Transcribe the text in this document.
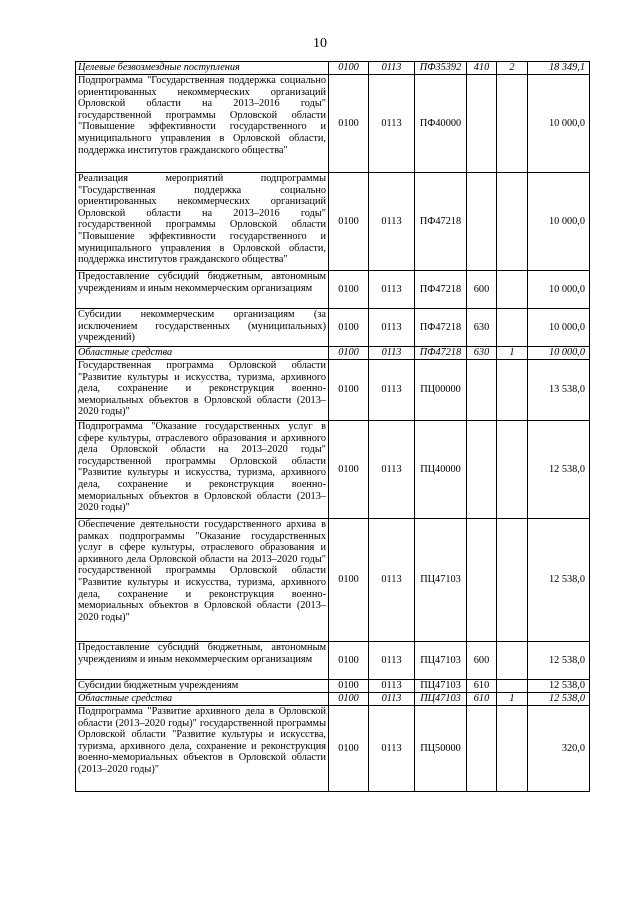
10
Целевые безвозмездные поступления	0100	0113	ПФ35392	410	2	18 349,1
Подпрограмма "Государственная поддержка социально ориентированных некоммерческих организаций Орловской области на 2013–2016 годы" государственной программы Орловской области "Повышение эффективности государственного и муниципального управления в Орловской области, поддержка институтов гражданского общества"	0100	0113	ПФ40000			10 000,0
Реализация мероприятий подпрограммы "Государственная поддержка социально ориентированных некоммерческих организаций Орловской области на 2013–2016 годы" государственной программы Орловской области "Повышение эффективности государственного и муниципального управления в Орловской области, поддержка институтов гражданского общества"	0100	0113	ПФ47218			10 000,0
Предоставление субсидий бюджетным, автономным учреждениям и иным некоммерческим организациям	0100	0113	ПФ47218	600		10 000,0
Субсидии некоммерческим организациям (за исключением государственных (муниципальных) учреждений)	0100	0113	ПФ47218	630		10 000,0
Областные средства	0100	0113	ПФ47218	630	1	10 000,0
Государственная программа Орловской области "Развитие культуры и искусства, туризма, архивного дела, сохранение и реконструкция военно-мемориальных объектов в Орловской области (2013–2020 годы)"	0100	0113	ПЦ00000			13 538,0
Подпрограмма "Оказание государственных услуг в сфере культуры, отраслевого образования и архивного дела Орловской области на 2013–2020 годы" государственной программы Орловской области "Развитие культуры и искусства, туризма, архивного дела, сохранение и реконструкция военно-мемориальных объектов в Орловской области (2013–2020 годы)"	0100	0113	ПЦ40000			12 538,0
Обеспечение деятельности государственного архива в рамках подпрограммы "Оказание государственных услуг в сфере культуры, отраслевого образования и архивного дела Орловской области на 2013–2020 годы" государственной программы Орловской области "Развитие культуры и искусства, туризма, архивного дела, сохранение и реконструкция военно-мемориальных объектов в Орловской области (2013–2020 годы)"	0100	0113	ПЦ47103			12 538,0
Предоставление субсидий бюджетным, автономным учреждениям и иным некоммерческим организациям	0100	0113	ПЦ47103	600		12 538,0
Субсидии бюджетным учреждениям	0100	0113	ПЦ47103	610		12 538,0
Областные средства	0100	0113	ПЦ47103	610	1	12 538,0
Подпрограмма "Развитие архивного дела в Орловской области (2013–2020 годы)" государственной программы Орловской области "Развитие культуры и искусства, туризма, архивного дела, сохранение и реконструкция военно-мемориальных объектов в Орловской области (2013–2020 годы)"	0100	0113	ПЦ50000			320,0
